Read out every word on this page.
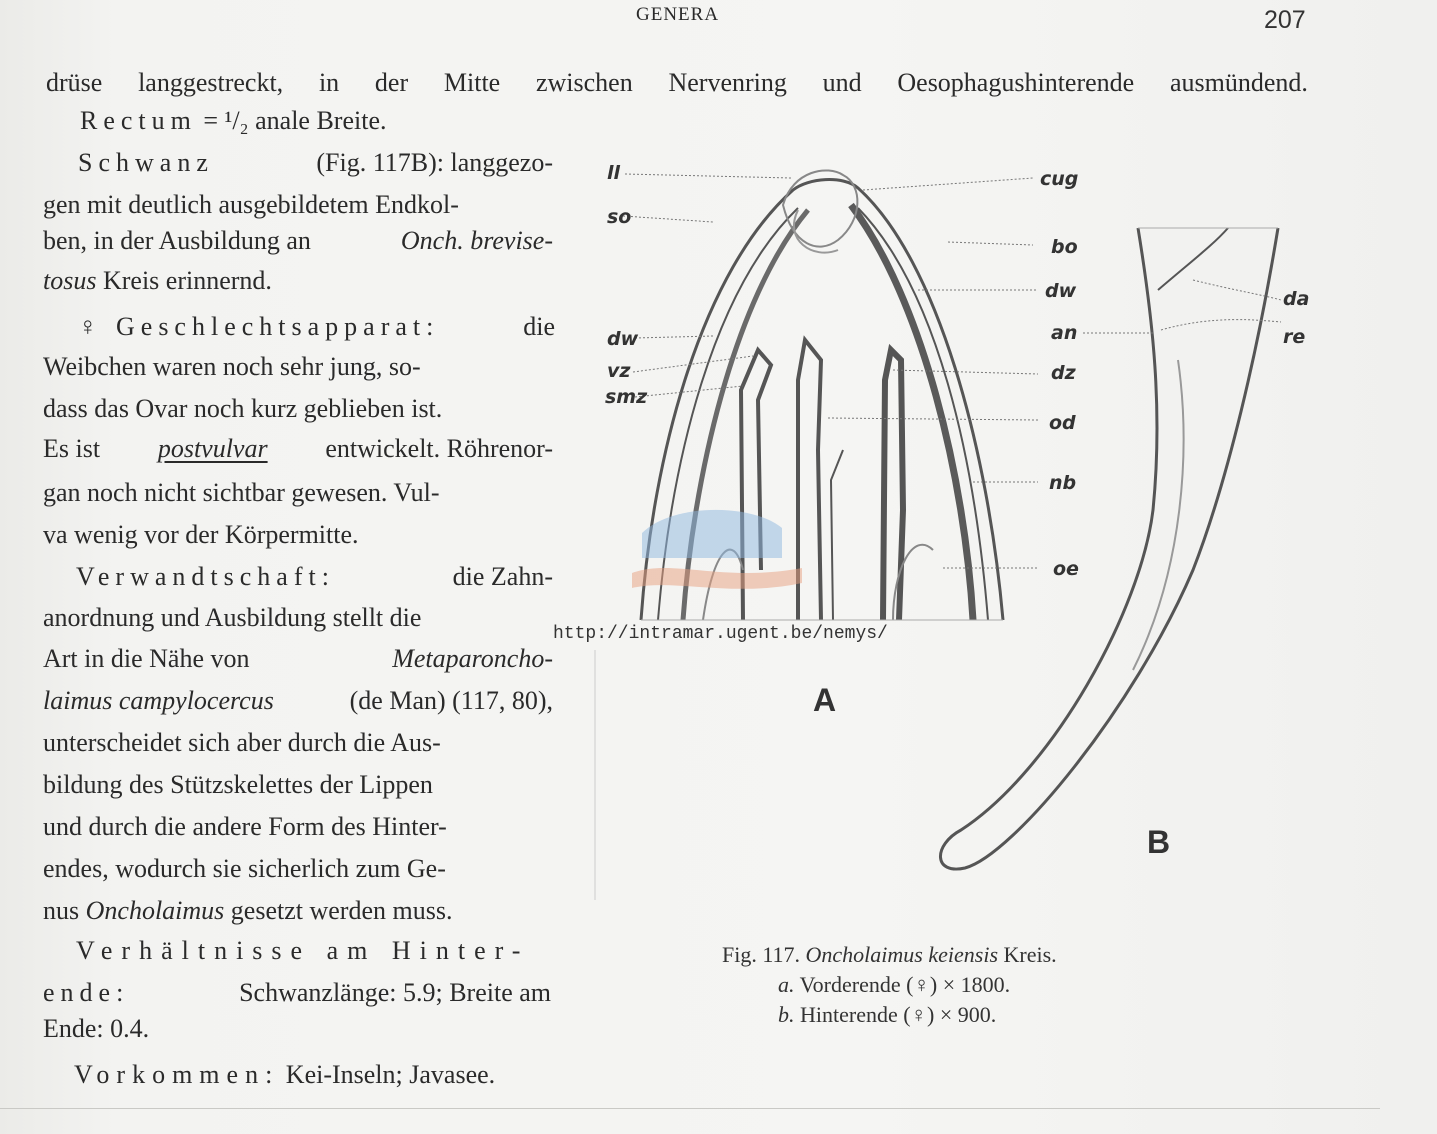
GENERA	207
drüse langgestreckt, in der Mitte zwischen Nervenring und Oesophagushinterende ausmündend.
Rectum = ¹/₂ anale Breite.
Schwanz	(Fig. 117B): langgezo-
gen mit deutlich ausgebildetem Endkol-
ben, in der Ausbildung an	Onch. brevise-
tosus Kreis erinnernd.
♀ Geschlechtsapparat:	die
Weibchen waren noch sehr jung, so-
dass das Ovar noch kurz geblieben ist.
Es ist postvulvar entwickelt. Röhrenor-
gan noch nicht sichtbar gewesen. Vul-
va wenig vor der Körpermitte.
Verwandtschaft:	die Zahn-
anordnung und Ausbildung stellt die
Art in die Nähe von	Metaparoncho-
laimus campylocercus	(de Man) (117, 80),
unterscheidet sich aber durch die Aus-
bildung des Stützskelettes der Lippen
und durch die andere Form des Hinter-
endes, wodurch sie sicherlich zum Ge-
nus Oncholaimus gesetzt werden muss.
Verhältnisse am Hinter-
ende:	Schwanzlänge: 5.9; Breite am
Ende: 0.4.
Vorkommen: Kei-Inseln; Javasee.
ll
so
dw
vz
smz
cug
bo
dw
an
dz
od
nb
oe
da
re
A
B
http://intramar.ugent.be/nemys/
Fig. 117. Oncholaimus keiensis Kreis.
a. Vorderende (♀) × 1800.
b. Hinterende (♀) × 900.
